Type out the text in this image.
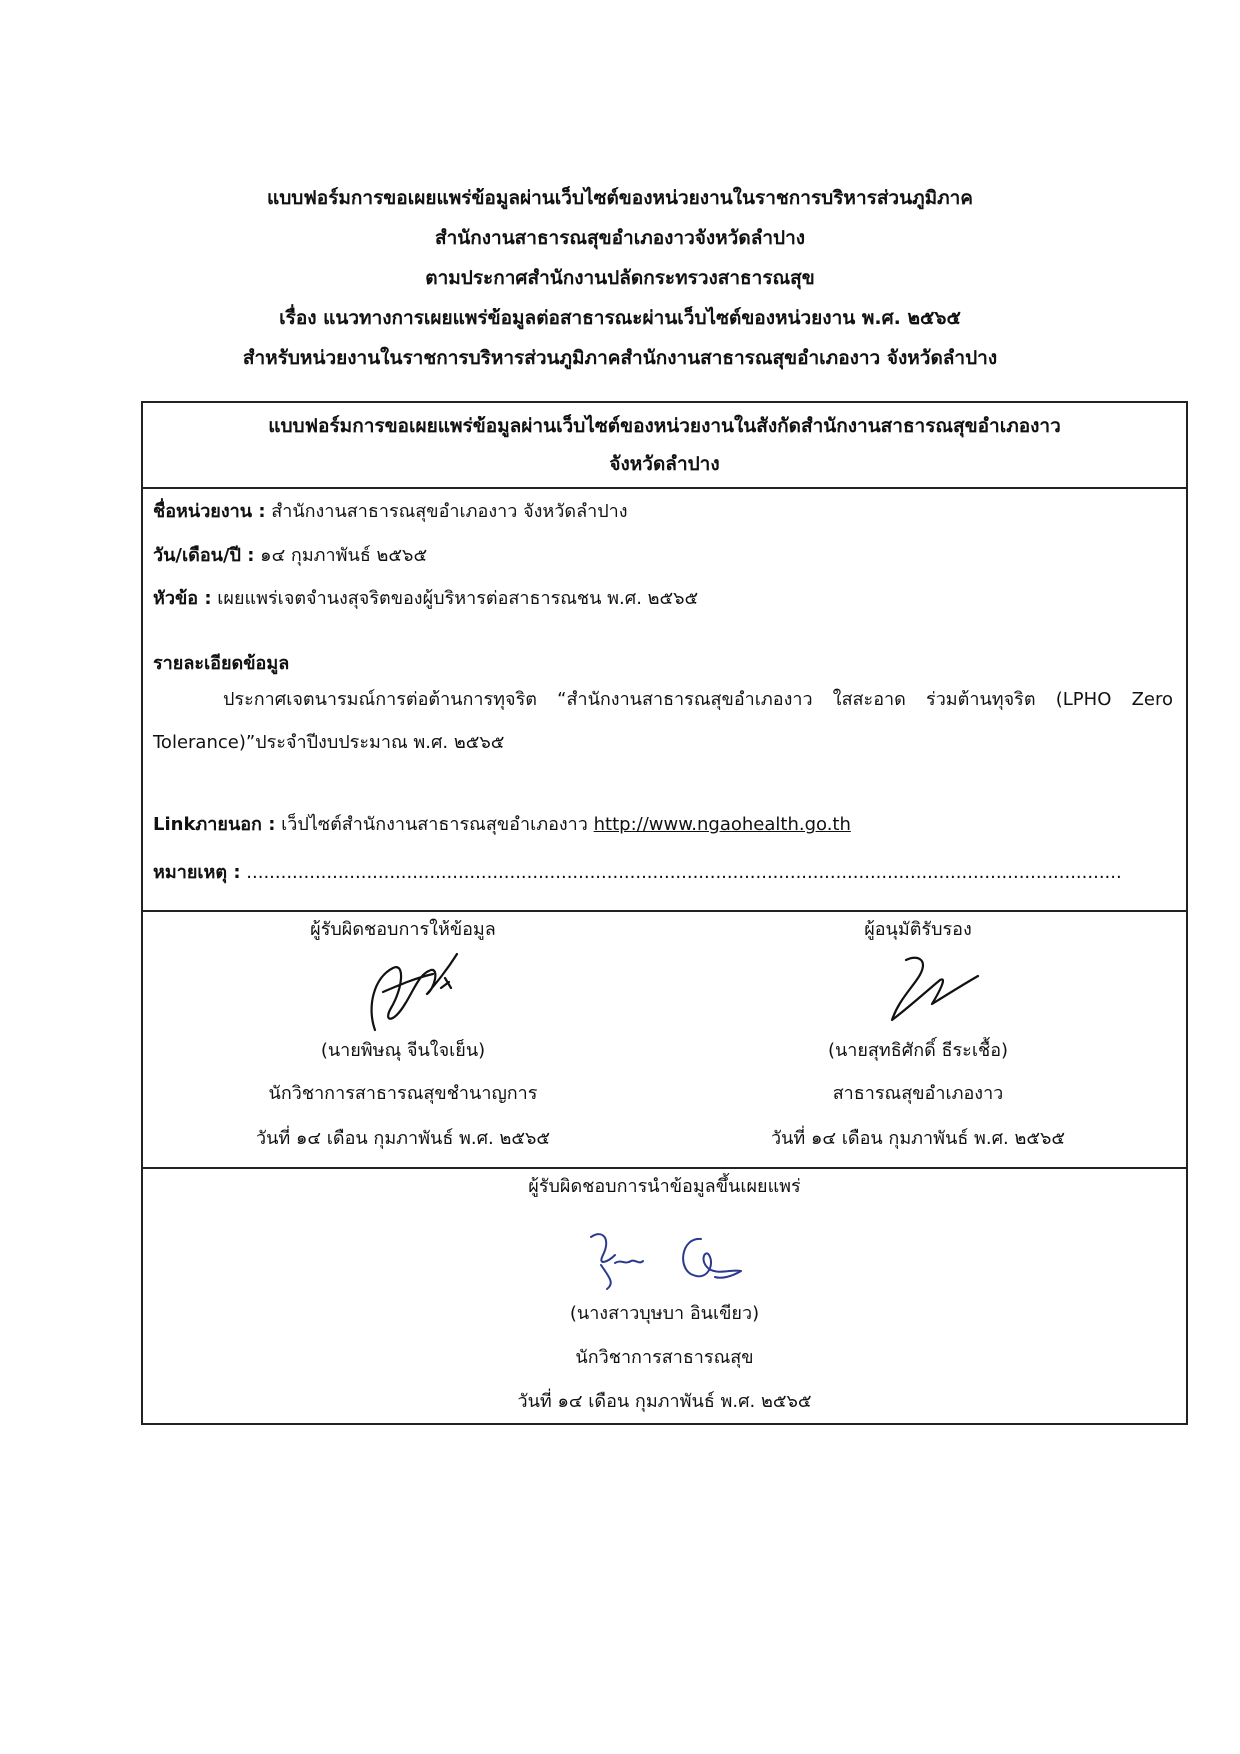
แบบฟอร์มการขอเผยแพร่ข้อมูลผ่านเว็บไซต์ของหน่วยงานในราชการบริหารส่วนภูมิภาค
สำนักงานสาธารณสุขอำเภองาวจังหวัดลำปาง
ตามประกาศสำนักงานปลัดกระทรวงสาธารณสุข
เรื่อง แนวทางการเผยแพร่ข้อมูลต่อสาธารณะผ่านเว็บไซต์ของหน่วยงาน พ.ศ. ๒๕๖๕
สำหรับหน่วยงานในราชการบริหารส่วนภูมิภาคสำนักงานสาธารณสุขอำเภองาว จังหวัดลำปาง
แบบฟอร์มการขอเผยแพร่ข้อมูลผ่านเว็บไซต์ของหน่วยงานในสังกัดสำนักงานสาธารณสุขอำเภองาว
จังหวัดลำปาง
ชื่อหน่วยงาน : สำนักงานสาธารณสุขอำเภองาว จังหวัดลำปาง
วัน/เดือน/ปี : ๑๔ กุมภาพันธ์ ๒๕๖๕
หัวข้อ : เผยแพร่เจตจำนงสุจริตของผู้บริหารต่อสาธารณชน พ.ศ. ๒๕๖๕
รายละเอียดข้อมูล
ประกาศเจตนารมณ์การต่อต้านการทุจริต “สำนักงานสาธารณสุขอำเภองาว ใสสะอาด ร่วมต้านทุจริต (LPHO Zero Tolerance)”ประจำปีงบประมาณ พ.ศ. ๒๕๖๕
Linkภายนอก : เว็ปไซต์สำนักงานสาธารณสุขอำเภองาว http://www.ngaohealth.go.th
หมายเหตุ : .........................................................................................................................................................
ผู้รับผิดชอบการให้ข้อมูล
(นายพิษณุ จีนใจเย็น)
นักวิชาการสาธารณสุขชำนาญการ
วันที่ ๑๔ เดือน กุมภาพันธ์ พ.ศ. ๒๕๖๕
ผู้อนุมัติรับรอง
(นายสุทธิศักดิ์ ธีระเชื้อ)
สาธารณสุขอำเภองาว
วันที่ ๑๔ เดือน กุมภาพันธ์ พ.ศ. ๒๕๖๕
ผู้รับผิดชอบการนำข้อมูลขึ้นเผยแพร่
(นางสาวบุษบา อินเขียว)
นักวิชาการสาธารณสุข
วันที่ ๑๔ เดือน กุมภาพันธ์ พ.ศ. ๒๕๖๕
